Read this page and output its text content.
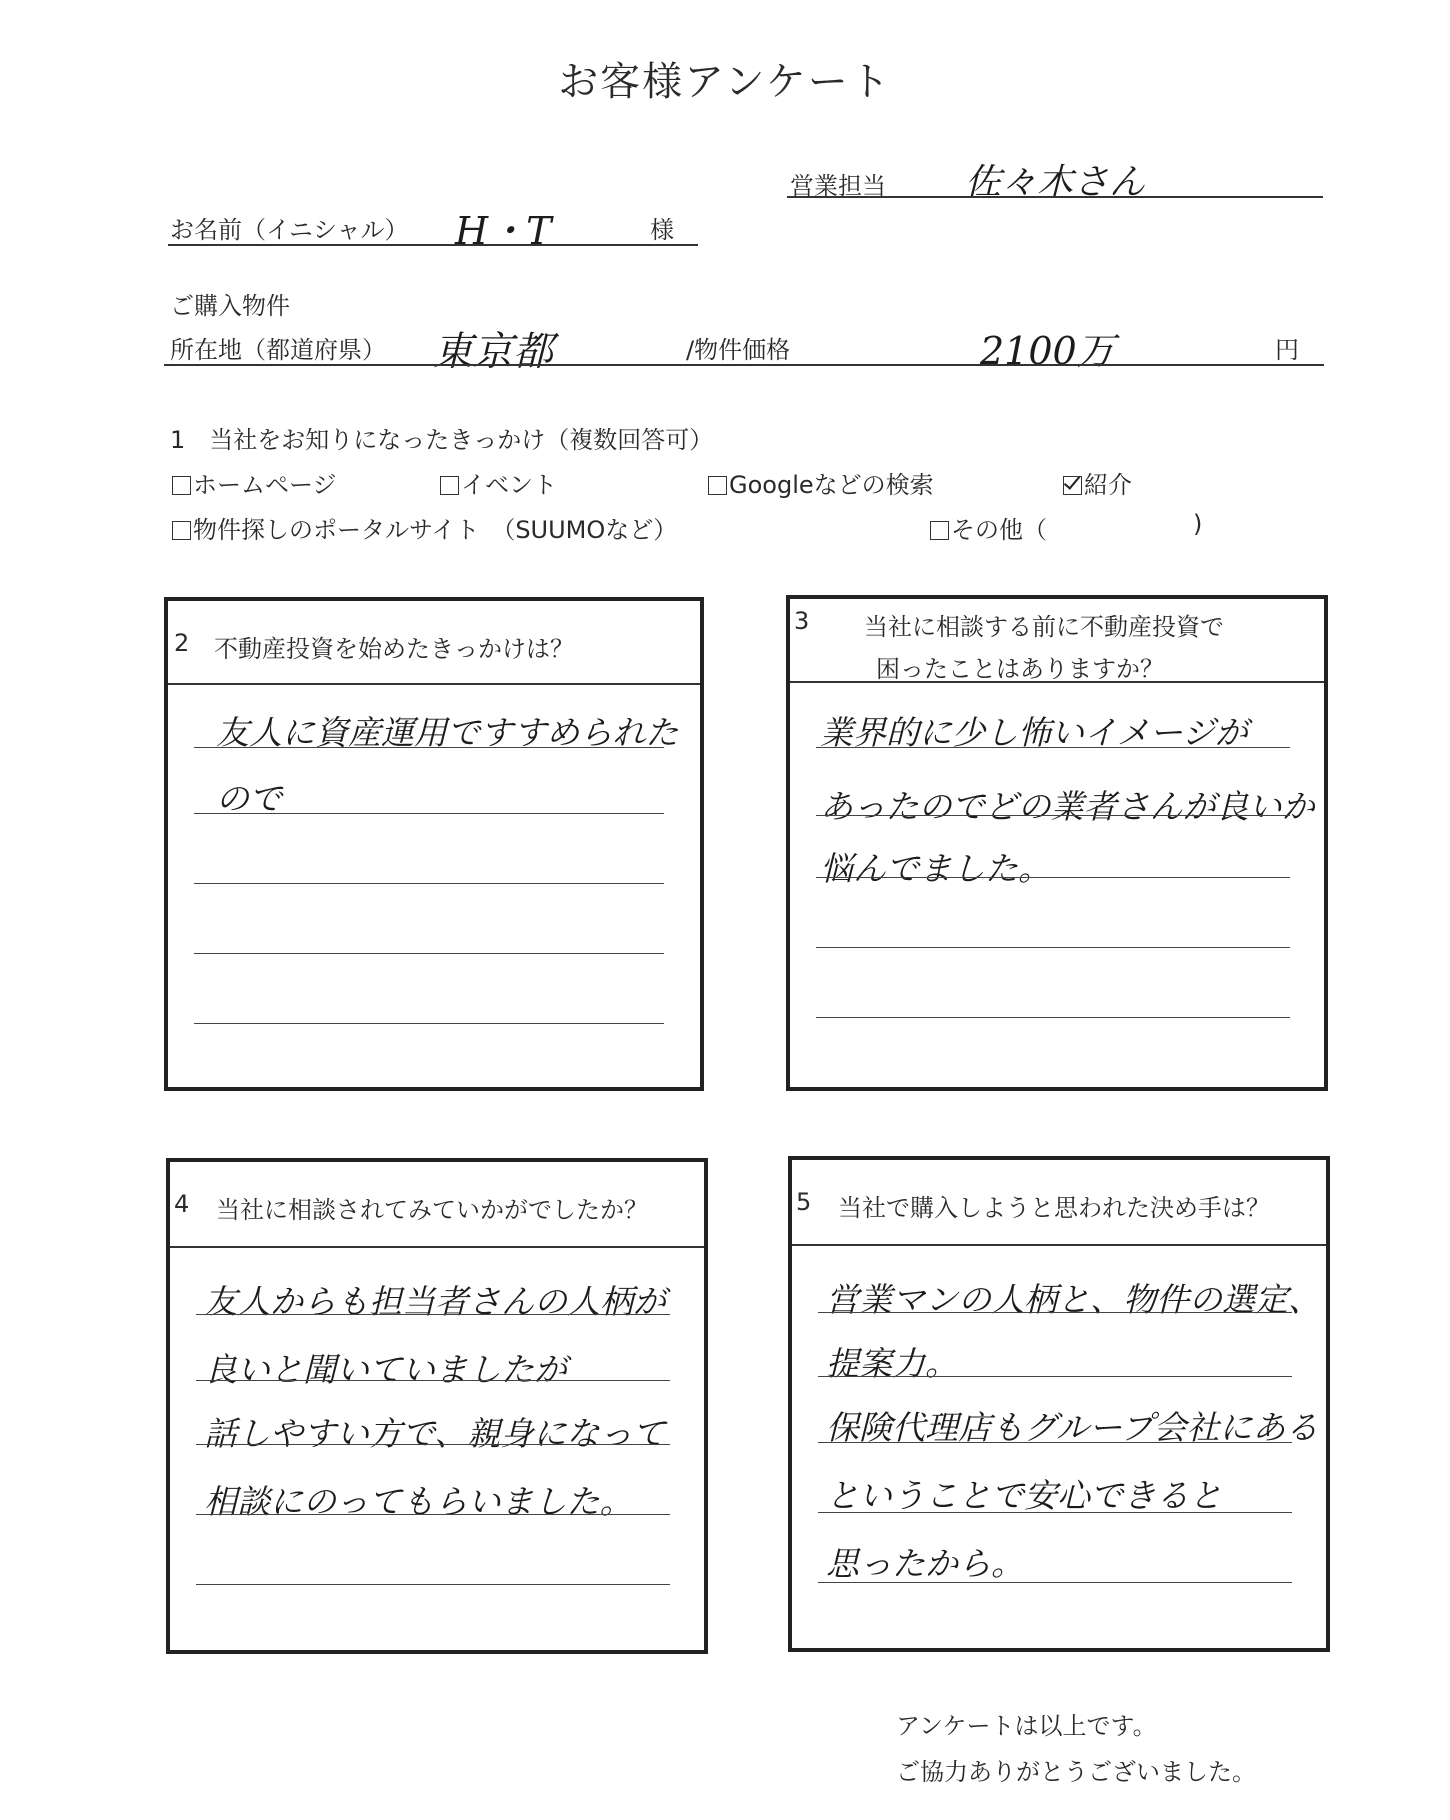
お客様アンケート
営業担当 佐々木さん
お名前（イニシャル） H・T	様
ご購入物件
所在地（都道府県） 東京都	/物件価格	2100万	円
1　当社をお知りになったきっかけ（複数回答可）
ホームページ	イベント	Googleなどの検索	紹介
物件探しのポータルサイト　（SUUMOなど）	その他（	)
2 不動産投資を始めたきっかけは？
友人に資産運用ですすめられた
ので
3 当社に相談する前に不動産投資で
困ったことはありますか？
業界的に少し怖いイメージが
あったのでどの業者さんが良いか
悩んでました。
4 当社に相談されてみていかがでしたか？
友人からも担当者さんの人柄が
良いと聞いていましたが
話しやすい方で、親身になって
相談にのってもらいました。
5 当社で購入しようと思われた決め手は？
営業マンの人柄と、物件の選定、
提案力。
保険代理店もグループ会社にある
ということで安心できると
思ったから。
アンケートは以上です。
ご協力ありがとうございました。
